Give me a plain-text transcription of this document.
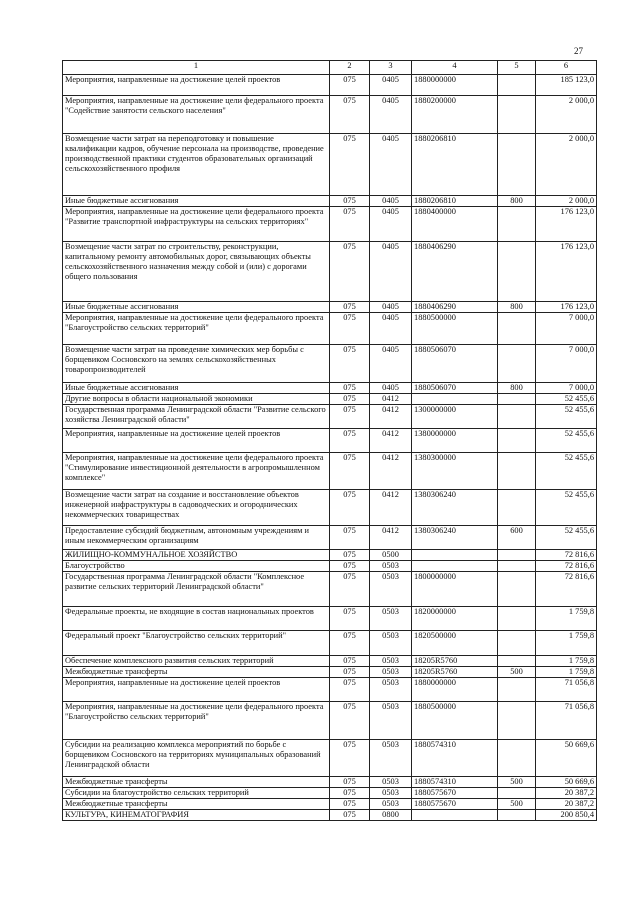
27
1	2	3	4	5	6
Мероприятия, направленные на достижение целей проектов	075	0405	1880000000		185 123,0
Мероприятия, направленные на достижение цели федерального проекта "Содействие занятости сельского населения"	075	0405	1880200000		2 000,0
Возмещение части затрат на переподготовку и повышение квалификации кадров, обучение персонала на производстве, проведение производственной практики студентов образовательных организаций сельскохозяйственного профиля	075	0405	1880206810		2 000,0
Иные бюджетные ассигнования	075	0405	1880206810	800	2 000,0
Мероприятия, направленные на достижение цели федерального проекта "Развитие транспортной инфраструктуры на сельских территориях"	075	0405	1880400000		176 123,0
Возмещение части затрат по строительству, реконструкции, капитальному ремонту автомобильных дорог, связывающих объекты сельскохозяйственного назначения между собой и (или) с дорогами общего пользования	075	0405	1880406290		176 123,0
Иные бюджетные ассигнования	075	0405	1880406290	800	176 123,0
Мероприятия, направленные на достижение цели федерального проекта "Благоустройство сельских территорий"	075	0405	1880500000		7 000,0
Возмещение части затрат на проведение химических мер борьбы с борщевиком Сосновского на землях сельскохозяйственных товаропроизводителей	075	0405	1880506070		7 000,0
Иные бюджетные ассигнования	075	0405	1880506070	800	7 000,0
Другие вопросы в области национальной экономики	075	0412			52 455,6
Государственная программа Ленинградской области "Развитие сельского хозяйства Ленинградской области"	075	0412	1300000000		52 455,6
Мероприятия, направленные на достижение целей проектов	075	0412	1380000000		52 455,6
Мероприятия, направленные на достижение цели федерального проекта "Стимулирование инвестиционной деятельности в агропромышленном комплексе"	075	0412	1380300000		52 455,6
Возмещение части затрат на создание и восстановление объектов инженерной инфраструктуры в садоводческих и огороднических некоммерческих товариществах	075	0412	1380306240		52 455,6
Предоставление субсидий бюджетным, автономным учреждениям и иным некоммерческим организациям	075	0412	1380306240	600	52 455,6
ЖИЛИЩНО-КОММУНАЛЬНОЕ ХОЗЯЙСТВО	075	0500			72 816,6
Благоустройство	075	0503			72 816,6
Государственная программа Ленинградской области "Комплексное развитие сельских территорий Ленинградской области"	075	0503	1800000000		72 816,6
Федеральные проекты, не входящие в состав национальных проектов	075	0503	1820000000		1 759,8
Федеральный проект "Благоустройство сельских территорий"	075	0503	1820500000		1 759,8
Обеспечение комплексного развития сельских территорий	075	0503	18205R5760		1 759,8
Межбюджетные трансферты	075	0503	18205R5760	500	1 759,8
Мероприятия, направленные на достижение целей проектов	075	0503	1880000000		71 056,8
Мероприятия, направленные на достижение цели федерального проекта "Благоустройство сельских территорий"	075	0503	1880500000		71 056,8
Субсидии на реализацию комплекса мероприятий по борьбе с борщевиком Сосновского на территориях муниципальных образований Ленинградской области	075	0503	1880574310		50 669,6
Межбюджетные трансферты	075	0503	1880574310	500	50 669,6
Субсидии на благоустройство сельских территорий	075	0503	1880575670		20 387,2
Межбюджетные трансферты	075	0503	1880575670	500	20 387,2
КУЛЬТУРА, КИНЕМАТОГРАФИЯ	075	0800			200 850,4
